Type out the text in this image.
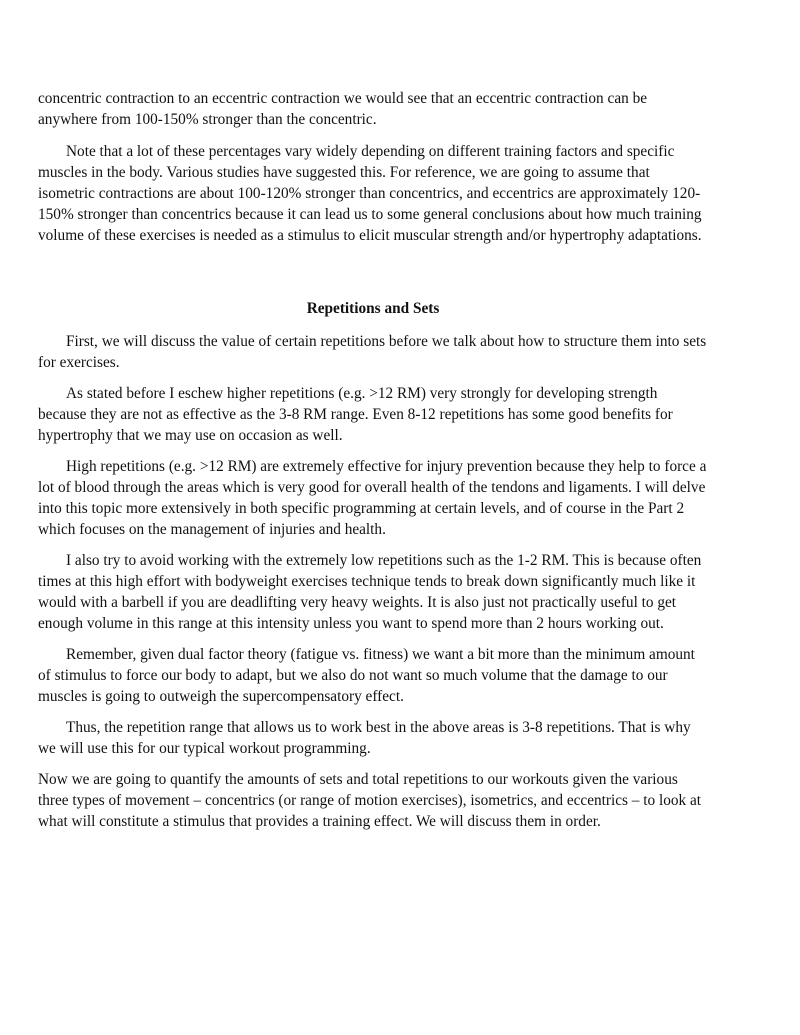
concentric contraction to an eccentric contraction we would see that an eccentric contraction can be anywhere from 100-150% stronger than the concentric.

Note that a lot of these percentages vary widely depending on different training factors and specific muscles in the body. Various studies have suggested this. For reference, we are going to assume that isometric contractions are about 100-120% stronger than concentrics, and eccentrics are approximately 120-150% stronger than concentrics because it can lead us to some general conclusions about how much training volume of these exercises is needed as a stimulus to elicit muscular strength and/or hypertrophy adaptations.

Repetitions and Sets

First, we will discuss the value of certain repetitions before we talk about how to structure them into sets for exercises.

As stated before I eschew higher repetitions (e.g. >12 RM) very strongly for developing strength because they are not as effective as the 3-8 RM range. Even 8-12 repetitions has some good benefits for hypertrophy that we may use on occasion as well.

High repetitions (e.g. >12 RM) are extremely effective for injury prevention because they help to force a lot of blood through the areas which is very good for overall health of the tendons and ligaments. I will delve into this topic more extensively in both specific programming at certain levels, and of course in the Part 2 which focuses on the management of injuries and health.

I also try to avoid working with the extremely low repetitions such as the 1-2 RM. This is because often times at this high effort with bodyweight exercises technique tends to break down significantly much like it would with a barbell if you are deadlifting very heavy weights. It is also just not practically useful to get enough volume in this range at this intensity unless you want to spend more than 2 hours working out.

Remember, given dual factor theory (fatigue vs. fitness) we want a bit more than the minimum amount of stimulus to force our body to adapt, but we also do not want so much volume that the damage to our muscles is going to outweigh the supercompensatory effect.

Thus, the repetition range that allows us to work best in the above areas is 3-8 repetitions. That is why we will use this for our typical workout programming.

Now we are going to quantify the amounts of sets and total repetitions to our workouts given the various three types of movement – concentrics (or range of motion exercises), isometrics, and eccentrics – to look at what will constitute a stimulus that provides a training effect. We will discuss them in order.
